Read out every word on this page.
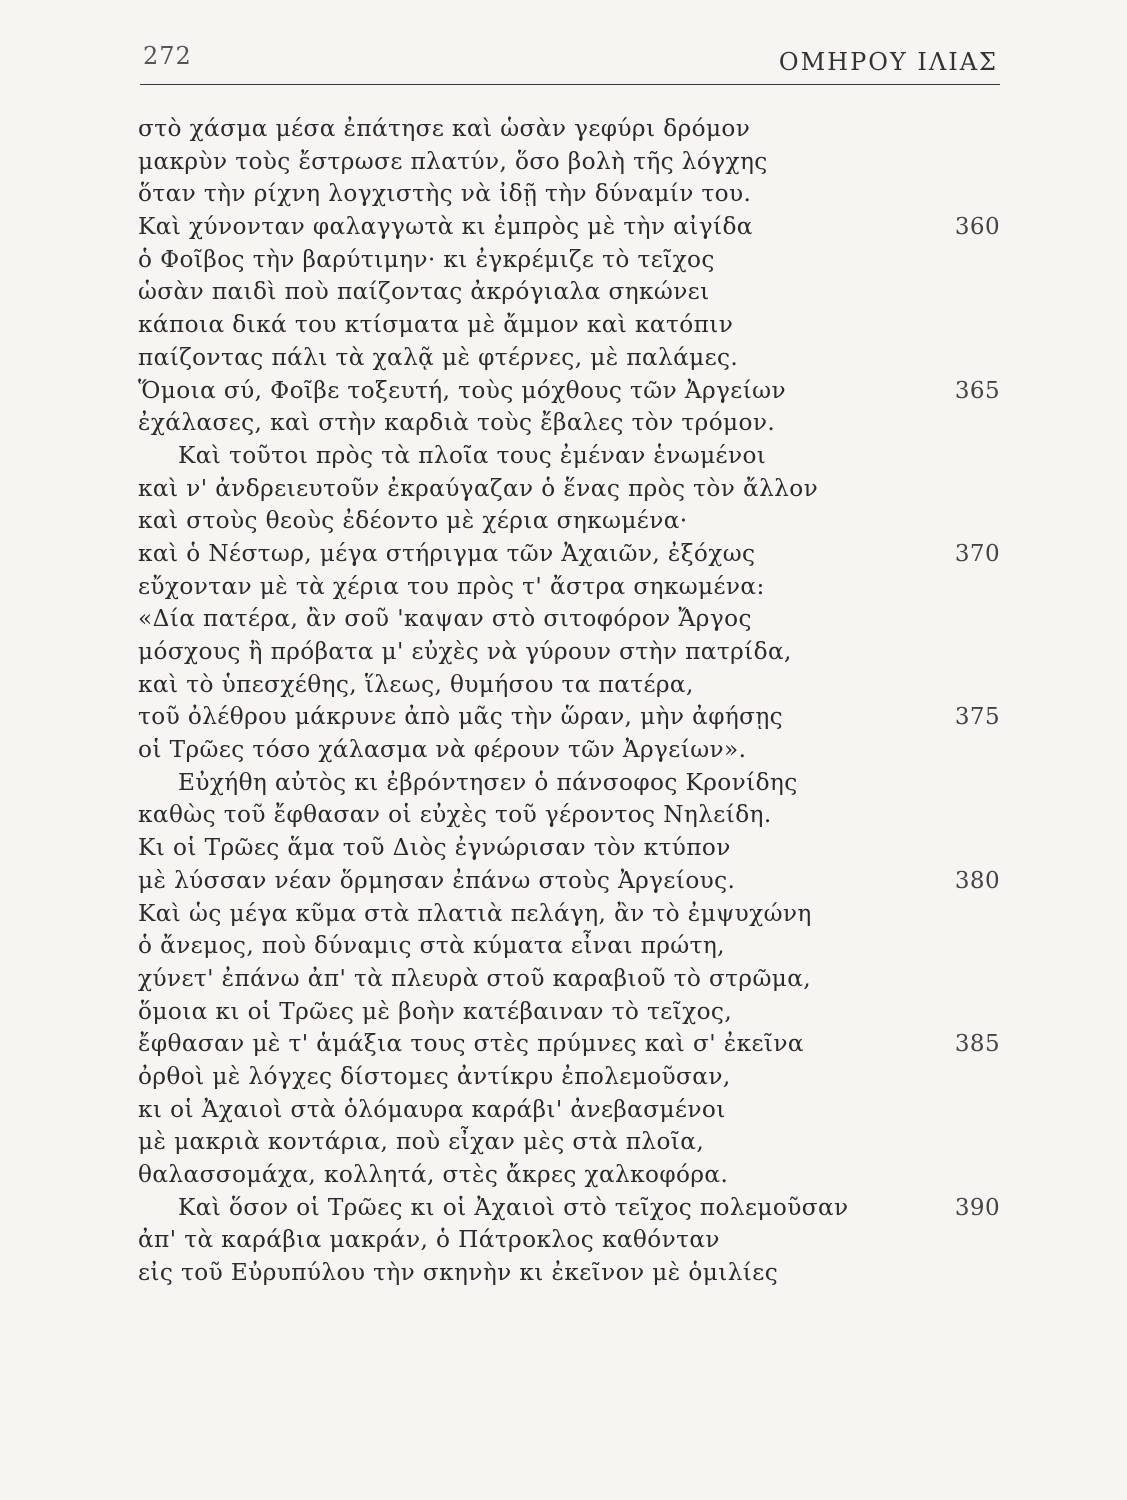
272	ΟΜΗΡΟΥ ΙΛΙΑΣ
στὸ χάσμα μέσα ἐπάτησε καὶ ὡσὰν γεφύρι δρόμον
μακρὺν τοὺς ἔστρωσε πλατύν, ὅσο βολὴ τῆς λόγχης
ὅταν τὴν ρίχνη λογχιστὴς νὰ ἰδῇ τὴν δύναμίν του.
Καὶ χύνονταν φαλαγγωτὰ κι ἐμπρὸς μὲ τὴν αἰγίδα	360
ὁ Φοῖβος τὴν βαρύτιμην· κι ἐγκρέμιζε τὸ τεῖχος
ὡσὰν παιδὶ ποὺ παίζοντας ἀκρόγιαλα σηκώνει
κάποια δικά του κτίσματα μὲ ἄμμον καὶ κατόπιν
παίζοντας πάλι τὰ χαλᾷ μὲ φτέρνες, μὲ παλάμες.
Ὅμοια σύ, Φοῖβε τοξευτή, τοὺς μόχθους τῶν Ἀργείων	365
ἐχάλασες, καὶ στὴν καρδιὰ τοὺς ἔβαλες τὸν τρόμον.
Καὶ τοῦτοι πρὸς τὰ πλοῖα τους ἐμέναν ἑνωμένοι
καὶ ν' ἀνδρειευτοῦν ἐκραύγαζαν ὁ ἕνας πρὸς τὸν ἄλλον
καὶ στοὺς θεοὺς ἐδέοντο μὲ χέρια σηκωμένα·
καὶ ὁ Νέστωρ, μέγα στήριγμα τῶν Ἀχαιῶν, ἐξόχως	370
εὔχονταν μὲ τὰ χέρια του πρὸς τ' ἄστρα σηκωμένα:
«Δία πατέρα, ἂν σοῦ 'καψαν στὸ σιτοφόρον Ἄργος
μόσχους ἢ πρόβατα μ' εὐχὲς νὰ γύρουν στὴν πατρίδα,
καὶ τὸ ὑπεσχέθης, ἵλεως, θυμήσου τα πατέρα,
τοῦ ὀλέθρου μάκρυνε ἀπὸ μᾶς τὴν ὥραν, μὴν ἀφήσῃς	375
οἱ Τρῶες τόσο χάλασμα νὰ φέρουν τῶν Ἀργείων».
Εὐχήθη αὐτὸς κι ἐβρόντησεν ὁ πάνσοφος Κρονίδης
καθὼς τοῦ ἔφθασαν οἱ εὐχὲς τοῦ γέροντος Νηλείδη.
Κι οἱ Τρῶες ἅμα τοῦ Διὸς ἐγνώρισαν τὸν κτύπον
μὲ λύσσαν νέαν ὅρμησαν ἐπάνω στοὺς Ἀργείους.	380
Καὶ ὡς μέγα κῦμα στὰ πλατιὰ πελάγη, ἂν τὸ ἐμψυχώνη
ὁ ἄνεμος, ποὺ δύναμις στὰ κύματα εἶναι πρώτη,
χύνετ' ἐπάνω ἀπ' τὰ πλευρὰ στοῦ καραβιοῦ τὸ στρῶμα,
ὅμοια κι οἱ Τρῶες μὲ βοὴν κατέβαιναν τὸ τεῖχος,
ἔφθασαν μὲ τ' ἁμάξια τους στὲς πρύμνες καὶ σ' ἐκεῖνα	385
ὀρθοὶ μὲ λόγχες δίστομες ἀντίκρυ ἐπολεμοῦσαν,
κι οἱ Ἀχαιοὶ στὰ ὁλόμαυρα καράβι' ἀνεβασμένοι
μὲ μακριὰ κοντάρια, ποὺ εἶχαν μὲς στὰ πλοῖα,
θαλασσομάχα, κολλητά, στὲς ἄκρες χαλκοφόρα.
Καὶ ὅσον οἱ Τρῶες κι οἱ Ἀχαιοὶ στὸ τεῖχος πολεμοῦσαν	390
ἀπ' τὰ καράβια μακράν, ὁ Πάτροκλος καθόνταν
εἰς τοῦ Εὐρυπύλου τὴν σκηνὴν κι ἐκεῖνον μὲ ὁμιλίες
